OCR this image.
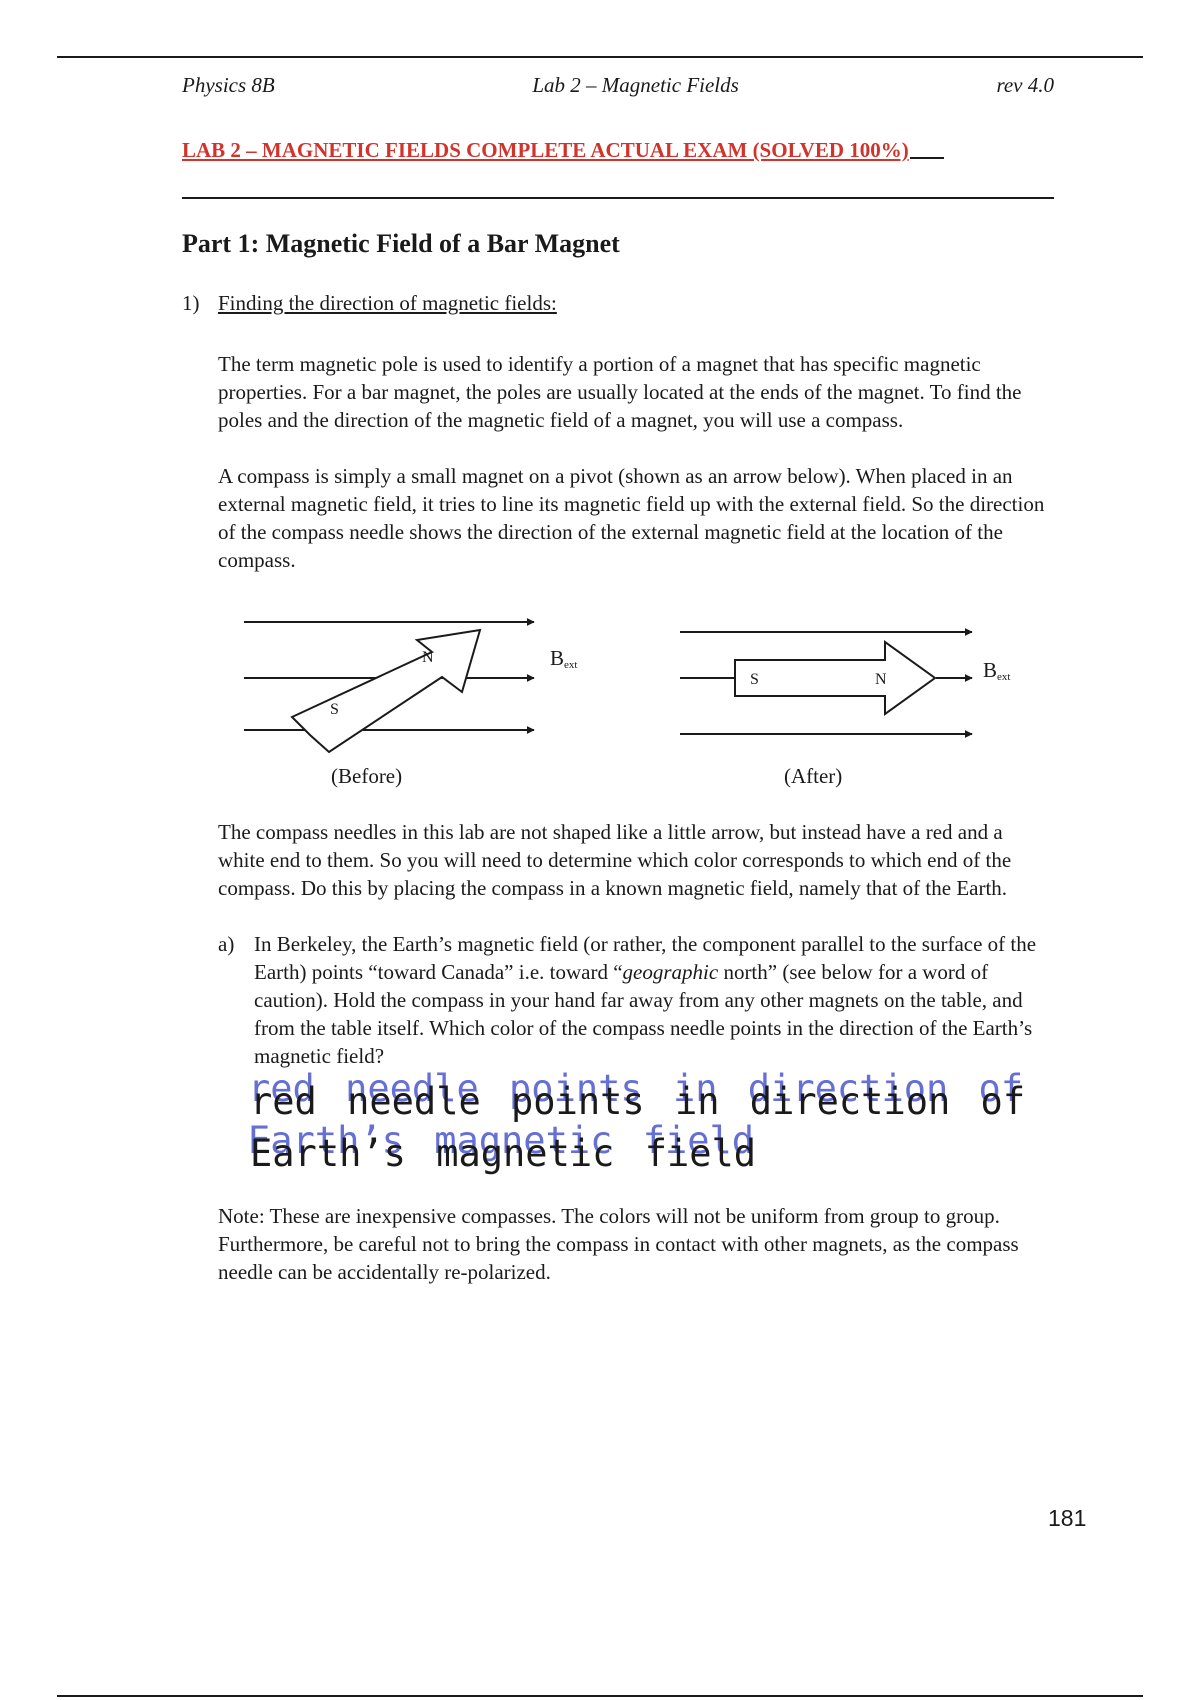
Physics 8B	Lab 2 – Magnetic Fields	rev 4.0
LAB 2 – MAGNETIC FIELDS COMPLETE ACTUAL EXAM (SOLVED 100%)
Part 1: Magnetic Field of a Bar Magnet
1) Finding the direction of magnetic fields:

The term magnetic pole is used to identify a portion of a magnet that has specific magnetic properties. For a bar magnet, the poles are usually located at the ends of the magnet. To find the poles and the direction of the magnetic field of a magnet, you will use a compass.

A compass is simply a small magnet on a pivot (shown as an arrow below). When placed in an external magnetic field, it tries to line its magnetic field up with the external field. So the direction of the compass needle shows the direction of the external magnetic field at the location of the compass.

N
S
S	N
$B_{ext}$	$B_{ext}$
(Before)	(After)

The compass needles in this lab are not shaped like a little arrow, but instead have a red and a white end to them. So you will need to determine which color corresponds to which end of the compass. Do this by placing the compass in a known magnetic field, namely that of the Earth.

a) In Berkeley, the Earth’s magnetic field (or rather, the component parallel to the surface of the Earth) points “toward Canada” i.e. toward “geographic north” (see below for a word of caution). Hold the compass in your hand far away from any other magnets on the table, and from the table itself. Which color of the compass needle points in the direction of the Earth’s magnetic field?
red needle points in direction of Earth’s magnetic field

Note: These are inexpensive compasses. The colors will not be uniform from group to group. Furthermore, be careful not to bring the compass in contact with other magnets, as the compass needle can be accidentally re-polarized.

181
